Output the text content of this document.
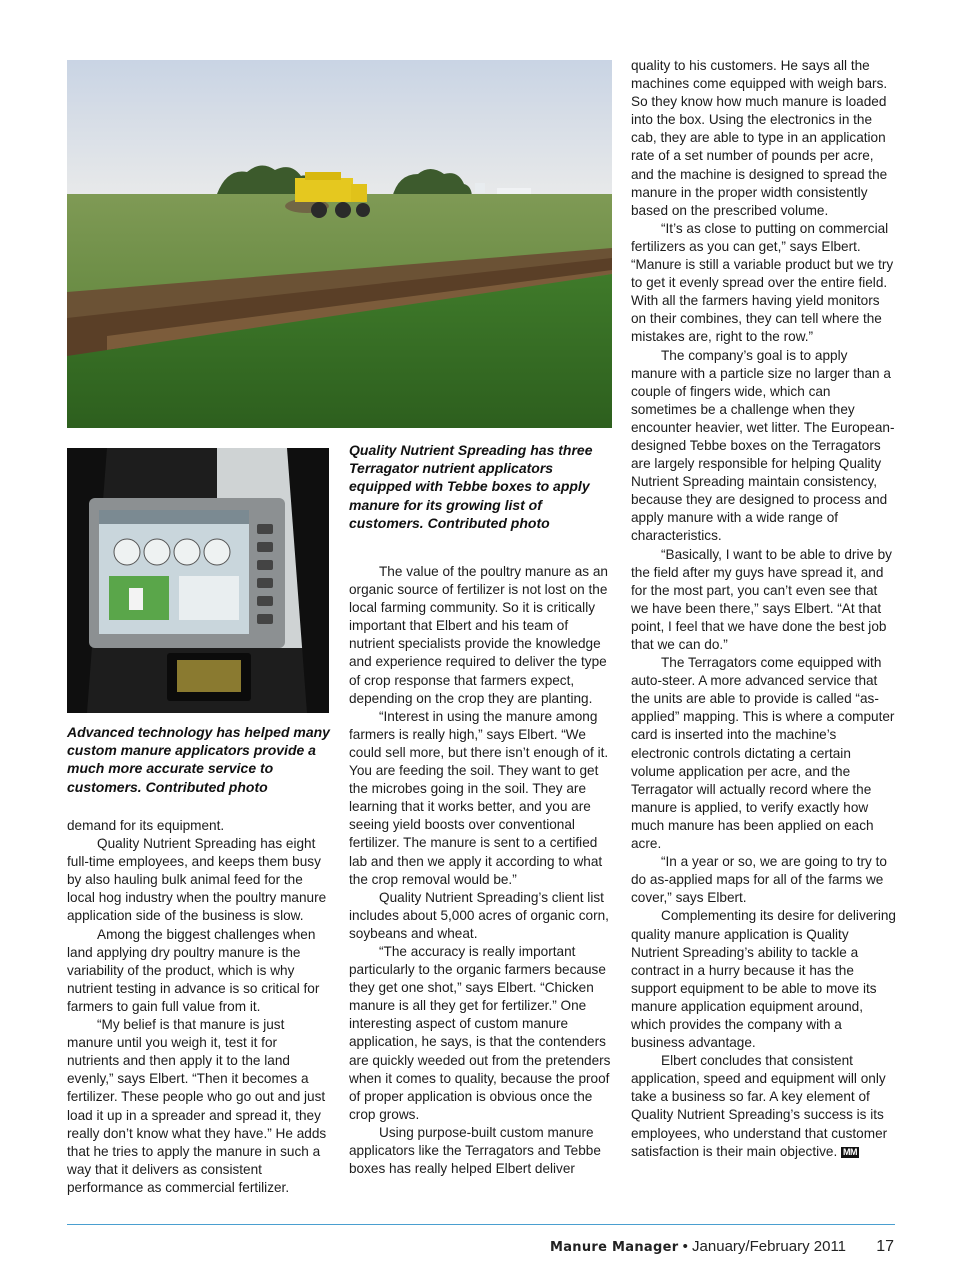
Quality Nutrient Spreading has three Terragator nutrient applicators equipped with Tebbe boxes to apply manure for its growing list of customers. Contributed photo
Advanced technology has helped many custom manure applicators provide a much more accurate service to customers. Contributed photo

demand for its equipment.

Quality Nutrient Spreading has eight full-time employees, and keeps them busy by also hauling bulk animal feed for the local hog industry when the poultry manure application side of the business is slow.

Among the biggest challenges when land applying dry poultry manure is the variability of the product, which is why nutrient testing in advance is so critical for farmers to gain full value from it.

“My belief is that manure is just manure until you weigh it, test it for nutrients and then apply it to the land evenly,” says Elbert. “Then it becomes a fertilizer. These people who go out and just load it up in a spreader and spread it, they really don’t know what they have.” He adds that he tries to apply the manure in such a way that it delivers as consistent performance as commercial fertilizer.

The value of the poultry manure as an organic source of fertilizer is not lost on the local farming community. So it is critically important that Elbert and his team of nutrient specialists provide the knowledge and experience required to deliver the type of crop response that farmers expect, depending on the crop they are planting.

“Interest in using the manure among farmers is really high,” says Elbert. “We could sell more, but there isn’t enough of it. You are feeding the soil. They want to get the microbes going in the soil. They are learning that it works better, and you are seeing yield boosts over conventional fertilizer. The manure is sent to a certified lab and then we apply it according to what the crop removal would be.”

Quality Nutrient Spreading’s client list includes about 5,000 acres of organic corn, soybeans and wheat.

“The accuracy is really important particularly to the organic farmers because they get one shot,” says Elbert. “Chicken manure is all they get for fertilizer.” One interesting aspect of custom manure application, he says, is that the contenders are quickly weeded out from the pretenders when it comes to quality, because the proof of proper application is obvious once the crop grows.

Using purpose-built custom manure applicators like the Terragators and Tebbe boxes has really helped Elbert deliver

quality to his customers. He says all the machines come equipped with weigh bars. So they know how much manure is loaded into the box. Using the electronics in the cab, they are able to type in an application rate of a set number of pounds per acre, and the machine is designed to spread the manure in the proper width consistently based on the prescribed volume.

“It’s as close to putting on commercial fertilizers as you can get,” says Elbert. “Manure is still a variable product but we try to get it evenly spread over the entire field. With all the farmers having yield monitors on their combines, they can tell where the mistakes are, right to the row.”

The company’s goal is to apply manure with a particle size no larger than a couple of fingers wide, which can sometimes be a challenge when they encounter heavier, wet litter. The European-designed Tebbe boxes on the Terragators are largely responsible for helping Quality Nutrient Spreading maintain consistency, because they are designed to process and apply manure with a wide range of characteristics.

“Basically, I want to be able to drive by the field after my guys have spread it, and for the most part, you can’t even see that we have been there,” says Elbert. “At that point, I feel that we have done the best job that we can do.”

The Terragators come equipped with auto-steer. A more advanced service that the units are able to provide is called “as-applied” mapping. This is where a computer card is inserted into the machine’s electronic controls dictating a certain volume application per acre, and the Terragator will actually record where the manure is applied, to verify exactly how much manure has been applied on each acre.

“In a year or so, we are going to try to do as-applied maps for all of the farms we cover,” says Elbert.

Complementing its desire for delivering quality manure application is Quality Nutrient Spreading’s ability to tackle a contract in a hurry because it has the support equipment to be able to move its manure application equipment around, which provides the company with a business advantage.

Elbert concludes that consistent application, speed and equipment will only take a business so far. A key element of Quality Nutrient Spreading’s success is its employees, who understand that customer satisfaction is their main objective. MM

Manure Manager • January/February 2011 17
